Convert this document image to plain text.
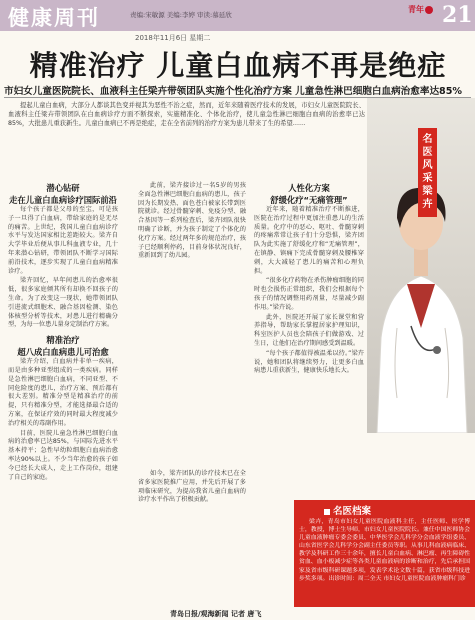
健康周刊	责编:宋敏源 美编:李婷 审读:慕延欣
青年 21
2018年11月6日 星期二
精准治疗 儿童白血病不再是绝症
市妇女儿童医院院长、血液科主任梁卉带领团队实施个性化治疗方案 儿童急性淋巴细胞白血病治愈率达85%
提起儿童白血病，大部分人都谈其色变并视其为恶性不治之症，然而，近年来随着医疗技术的发展，市妇女儿童医院院长、血液科主任梁卉带领团队在白血病诊疗方面不断探索，实施精准化、个体化治疗，使儿童急性淋巴细胞白血病的治愈率已达85%，大批患儿重获新生。儿童白血病已不再是绝症，走在全省前列的治疗方案为患儿带来了生的希望……
名医风采 梁卉
潜心钻研
走在儿童白血病诊疗国际前沿

每个孩子都是父母的至宝，可是孩子一旦得了白血病，带给家庭的是无尽的痛苦。上世纪，我国儿童白血病诊疗水平与发达国家相比差距较大。梁卉自大学毕业后便从事儿科血液专业，几十年来潜心钻研，带领团队不断学习国际前沿技术，逐步实现了儿童白血病精准诊疗。

梁卉回忆，早年间患儿的治愈率很低，很多家庭倾其所有却换不回孩子的生命。为了改变这一现状，她带领团队引进流式细胞术、融合基因检测、染色体核型分析等技术，对患儿进行精确分型，为每一位患儿量身定制治疗方案。

精准治疗
超八成白血病患儿可治愈

梁卉介绍，白血病并非单一疾病，而是由多种亚型组成的一类疾病。同样是急性淋巴细胞白血病，不同亚型、不同危险度的患儿，治疗方案、预后都有很大差别。精准分型是精准治疗的前提，只有精准分型，才能选择最合适的方案，在保证疗效的同时最大程度减少治疗相关的毒副作用。

目前，医院儿童急性淋巴细胞白血病的治愈率已达85%，与国际先进水平基本持平；急性早幼粒细胞白血病治愈率达90%以上。不少当年治愈的孩子如今已经长大成人，走上工作岗位，组建了自己的家庭。

此前，梁卉接诊过一名5岁的男孩全面急性淋巴细胞白血病的患儿，孩子因为长期发热、面色苍白被家长带到医院就诊。经过骨髓穿刺、免疫分型、融合基因等一系列检查后，梁卉团队很快明确了诊断，并为孩子制定了个体化的化疗方案。经过两年多的规范治疗，孩子已经顺利停药，目前身体状况良好，重新回到了幼儿园。

人性化方案
舒缓化疗“无痛管理”

近年来，随着精准治疗不断推进，医院在治疗过程中更加注重患儿的生活质量。化疗中的恶心、呕吐、骨髓穿刺的疼痛常常让孩子们十分恐惧，梁卉团队为此实施了舒缓化疗和“无痛管理”，在镇静、镇痛下完成骨髓穿刺及腰椎穿刺，大大减轻了患儿的痛苦和心理负担。

“很多化疗药物在杀伤肿瘤细胞的同时也会损伤正常组织，我们会根据每个孩子的情况调整用药剂量，尽量减少副作用。”梁卉说。

此外，医院还开展了家长课堂和营养指导，帮助家长掌握居家护理知识，科室医护人员也会陪孩子们做游戏、过生日，让他们在治疗期间感受到温暖。

“每个孩子都值得被温柔以待。”梁卉说，她和团队将继续努力，让更多白血病患儿重获新生，健康快乐地长大。

如今，梁卉团队的诊疗技术已在全省多家医院推广应用，并先后开展了多项临床研究，为提高我省儿童白血病的诊疗水平作出了积极贡献。

名医档案
梁卉，青岛市妇女儿童医院血液科主任，主任医师、医学博士，教授，博士生导师，市妇女儿童医院院长。兼任中国医师协会儿童血液肿瘤专委会委员、中华医学会儿科学分会血液学组委员、山东省医学会儿科学分会副主任委员等职。从事儿科血液病临床、教学及科研工作三十余年，擅长儿童白血病、淋巴瘤、再生障碍性贫血、血小板减少症等各类儿童血液病的诊断和治疗，先后承担国家及省市级科研课题多项，发表学术论文数十篇，获省市级科技进步奖多项。出诊时间：周二全天 市妇女儿童医院血液肿瘤科门诊
青岛日报/观海新闻 记者 唐飞
